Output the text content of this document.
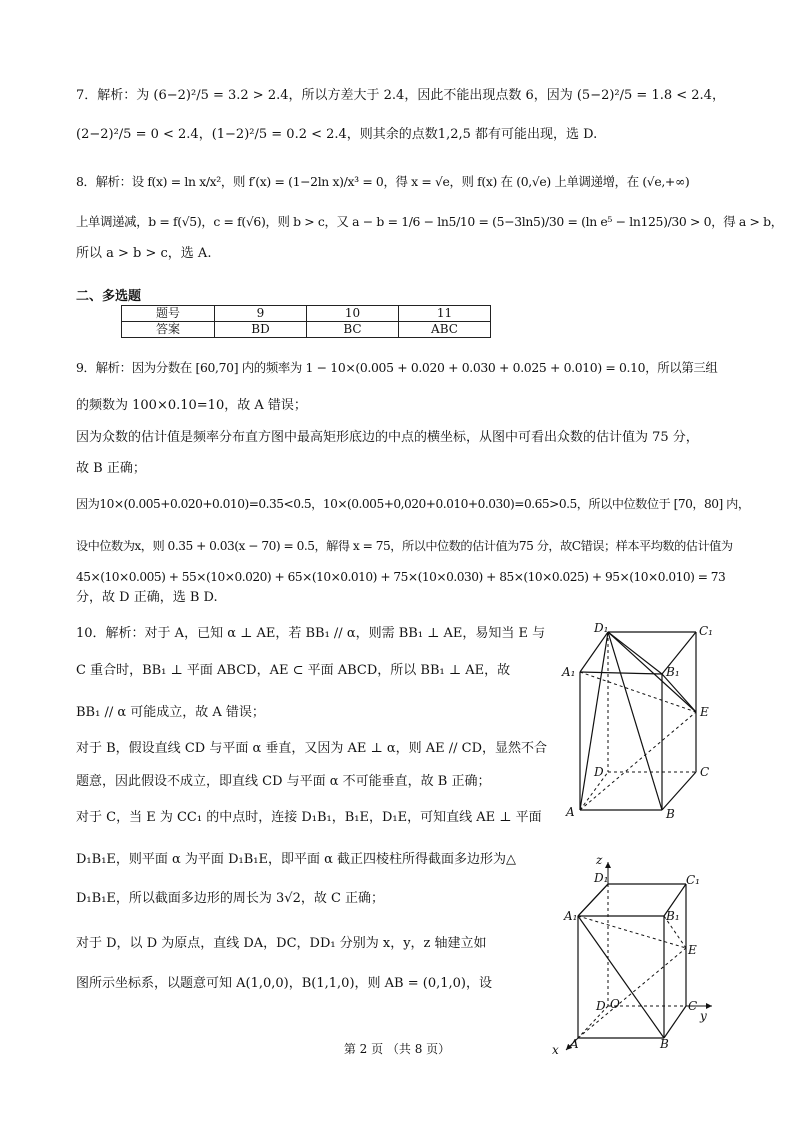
7．解析：为 (6−2)²/5 = 3.2 > 2.4，所以方差大于 2.4，因此不能出现点数 6，因为 (5−2)²/5 = 1.8 < 2.4，
(2−2)²/5 = 0 < 2.4，(1−2)²/5 = 0.2 < 2.4，则其余的点数1,2,5 都有可能出现，选 D.
8．解析：设 f(x) = ln x/x²，则 f′(x) = (1−2ln x)/x³ = 0，得 x = √e，则 f(x) 在 (0,√e) 上单调递增，在 (√e,+∞)
上单调递减，b = f(√5)，c = f(√6)，则 b > c，又 a − b = 1/6 − ln5/10 = (5−3ln5)/30 = (ln e⁵ − ln125)/30 > 0，得 a > b，
所以 a > b > c，选 A.
二、多选题
题号	9	10	11
答案	BD	BC	ABC
9．解析：因为分数在 [60,70] 内的频率为 1 − 10×(0.005 + 0.020 + 0.030 + 0.025 + 0.010) = 0.10，所以第三组
的频数为 100×0.10=10，故 A 错误；
因为众数的估计值是频率分布直方图中最高矩形底边的中点的横坐标，从图中可看出众数的估计值为 75 分，
故 B 正确；
因为10×(0.005+0.020+0.010)=0.35<0.5，10×(0.005+0,020+0.010+0.030)=0.65>0.5，所以中位数位于 [70，80] 内，
设中位数为x，则 0.35 + 0.03(x − 70) = 0.5，解得 x = 75，所以中位数的估计值为75 分，故C错误；样本平均数的估计值为
45×(10×0.005) + 55×(10×0.020) + 65×(10×0.010) + 75×(10×0.030) + 85×(10×0.025) + 95×(10×0.010) = 73
分，故 D 正确，选 B D.
10．解析：对于 A，已知 α ⊥ AE，若 BB₁ // α，则需 BB₁ ⊥ AE，易知当 E 与
C 重合时，BB₁ ⊥ 平面 ABCD，AE ⊂ 平面 ABCD，所以 BB₁ ⊥ AE，故
BB₁ // α 可能成立，故 A 错误；
对于 B，假设直线 CD 与平面 α 垂直，又因为 AE ⊥ α，则 AE // CD，显然不合
题意，因此假设不成立，即直线 CD 与平面 α 不可能垂直，故 B 正确；
对于 C，当 E 为 CC₁ 的中点时，连接 D₁B₁，B₁E，D₁E，可知直线 AE ⊥ 平面
D₁B₁E，则平面 α 为平面 D₁B₁E，即平面 α 截正四棱柱所得截面多边形为△
D₁B₁E，所以截面多边形的周长为 3√2，故 C 正确；
对于 D，以 D 为原点，直线 DA，DC，DD₁ 分别为 x，y，z 轴建立如
图所示坐标系，以题意可知 A(1,0,0)，B(1,1,0)，则 AB = (0,1,0)，设
D₁	C₁
A₁	B₁
E
D	C
A	B
z
D₁	C₁
A₁	B₁
E
D O	C
y
x A	B
第 2 页 （共 8 页）
